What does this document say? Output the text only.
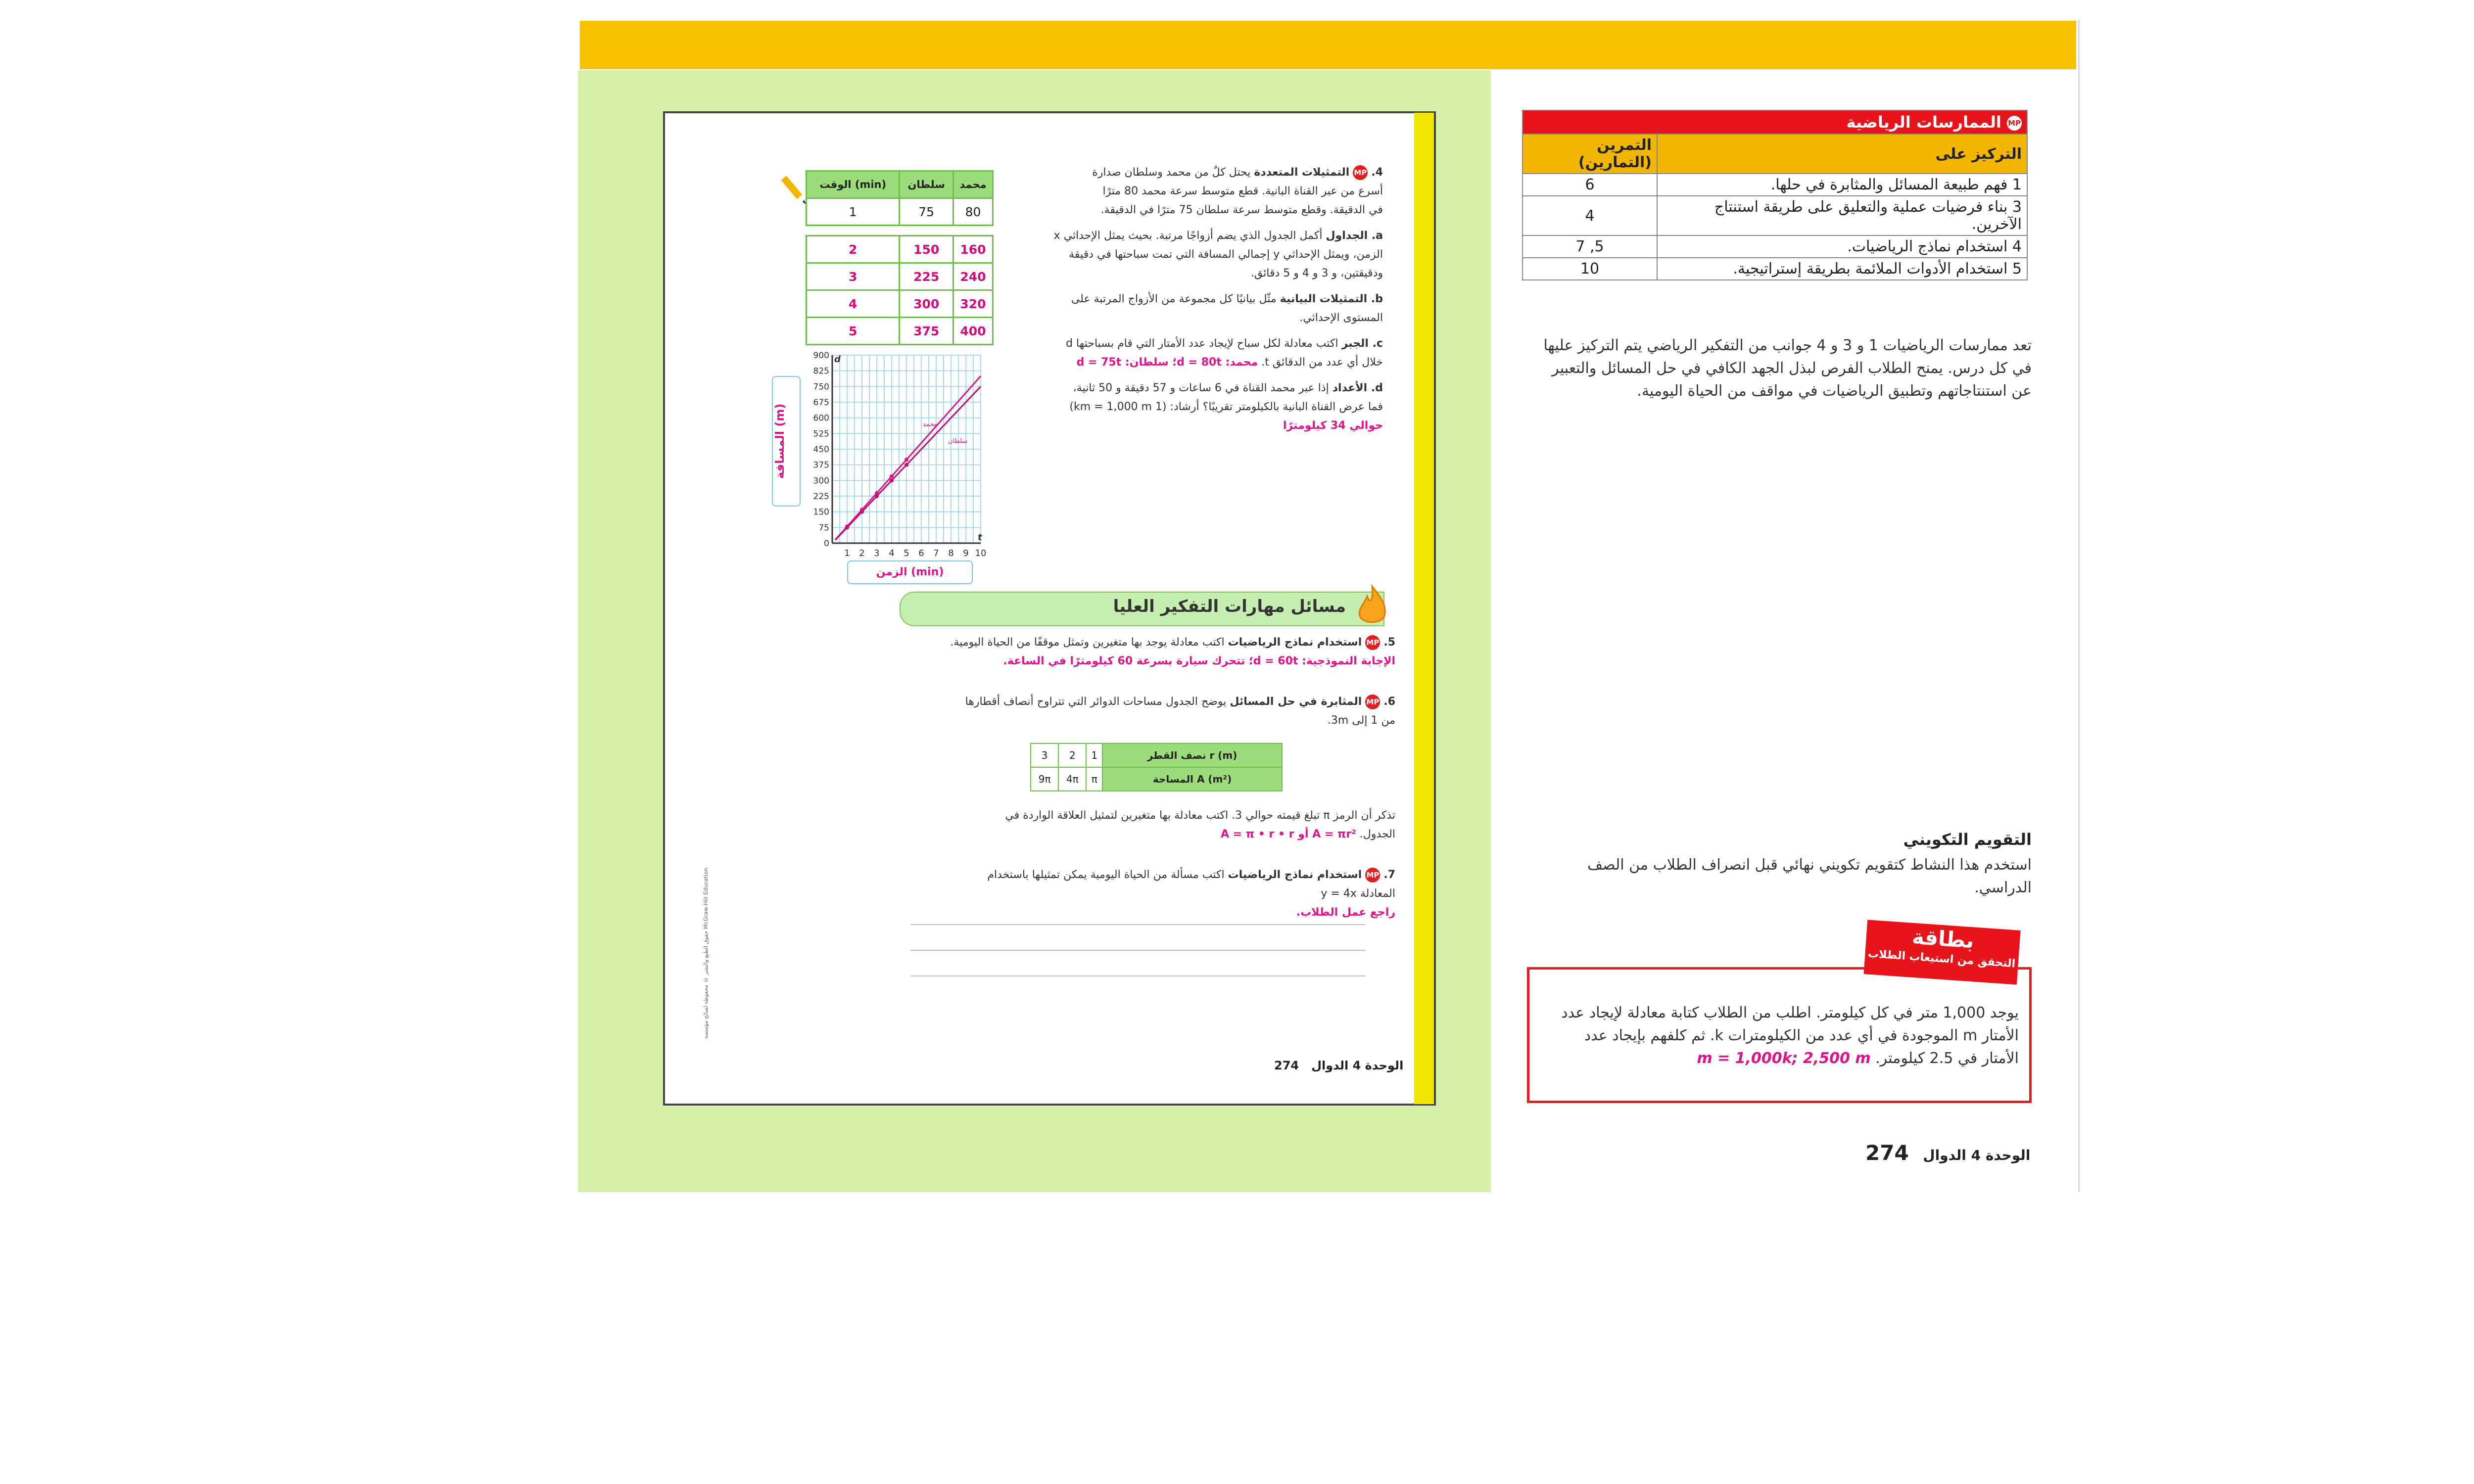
الوقت (min)	سلطان	محمد
1	75	80

2	150	160
3	225	240
4	300	320
5	375	400
4. MP التمثيلات المتعددة يحتل كلٌ من محمد وسلطان صدارة
أسرع من عبر القناة البانية. قطع متوسط سرعة محمد 80 مترًا
في الدقيقة. وقطع متوسط سرعة سلطان 75 مترًا في الدقيقة.
a. الجداول أكمل الجدول الذي يضم أزواجًا مرتبة. بحيث يمثل الإحداثي x
الزمن، ويمثل الإحداثي y إجمالي المسافة التي تمت سباحتها في دقيقة
ودقيقتين، و 3 و 4 و 5 دقائق.
b. التمثيلات البيانية مثّل بيانيًا كل مجموعة من الأزواج المرتبة على
المستوى الإحداثي.
c. الجبر اكتب معادلة لكل سباح لإيجاد عدد الأمتار التي قام بسباحتها d
خلال أي عدد من الدقائق t. محمد: d = 80t؛ سلطان: d = 75t
d. الأعداد إذا عبر محمد القناة في 6 ساعات و 57 دقيقة و 50 ثانية،
فما عرض القناة البانية بالكيلومتر تقريبًا؟ أرشاد: (1 km = 1,000 m)
حوالي 34 كيلومترًا
المسافة (m)
0
75
150
225
300
375
450
525
600
675
750
825
900
1 2 3 4 5 6 7 8 9 10
d
t
محمد
سلطان
الزمن (min)
مسائل مهارات التفكير العليا
5. MP استخدام نماذج الرياضيات اكتب معادلة يوجد بها متغيرين وتمثل موقفًا من الحياة اليومية.
الإجابة النموذجية: d = 60t؛ تتحرك سيارة بسرعة 60 كيلومترًا في الساعة.
6. MP المثابرة في حل المسائل يوضح الجدول مساحات الدوائر التي تتراوح أنصاف أقطارها
من 1 إلى 3m.
3	2	1	نصف القطر r (m)
9π	4π	π	المساحة A (m²)
تذكر أن الرمز π تبلغ قيمته حوالي 3. اكتب معادلة بها متغيرين لتمثيل العلاقة الواردة في
الجدول. A = πr² أو A = π • r • r
7. MP استخدام نماذج الرياضيات اكتب مسألة من الحياة اليومية يمكن تمثيلها باستخدام
المعادلة y = 4x
راجع عمل الطلاب.
حقوق الطبع والنشر © محفوظة لصالح مؤسسة McGraw-Hill Education
الوحدة 4 الدوال   274
MP الممارسات الرياضية	
التركيز على	التمرين (التمارين)
1 فهم طبيعة المسائل والمثابرة في حلها.	6
3 بناء فرضيات عملية والتعليق على طريقة استنتاج الآخرين.	4
4 استخدام نماذج الرياضيات.	5, 7
5 استخدام الأدوات الملائمة بطريقة إستراتيجية.	10
تعد ممارسات الرياضيات 1 و 3 و 4 جوانب من التفكير الرياضي يتم التركيز عليها في كل درس. يمنح الطلاب الفرص لبذل الجهد الكافي في حل المسائل والتعبير عن استنتاجاتهم وتطبيق الرياضيات في مواقف من الحياة اليومية.
التقويم التكويني
استخدم هذا النشاط كتقويم تكويني نهائي قبل انصراف الطلاب من الصف الدراسي.
بطاقة
التحقق من استيعاب الطلاب
يوجد 1,000 متر في كل كيلومتر. اطلب من الطلاب كتابة معادلة لإيجاد عدد الأمتار m الموجودة في أي عدد من الكيلومترات k. ثم كلفهم بإيجاد عدد الأمتار في 2.5 كيلومتر. m = 1,000k; 2,500 m
الوحدة 4 الدوال   274
